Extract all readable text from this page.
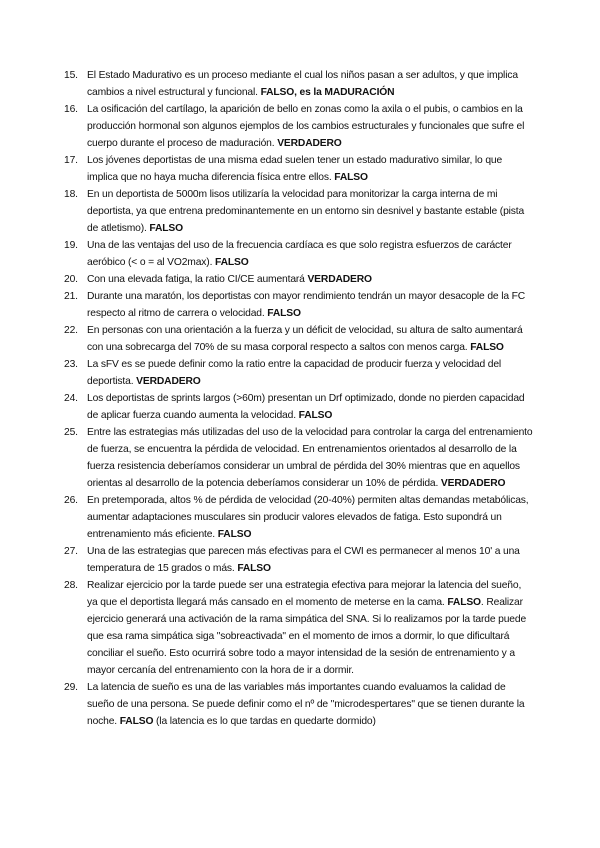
15. El Estado Madurativo es un proceso mediante el cual los niños pasan a ser adultos, y que implica cambios a nivel estructural y funcional. FALSO, es la MADURACIÓN
16. La osificación del cartílago, la aparición de bello en zonas como la axila o el pubis, o cambios en la producción hormonal son algunos ejemplos de los cambios estructurales y funcionales que sufre el cuerpo durante el proceso de maduración. VERDADERO
17. Los jóvenes deportistas de una misma edad suelen tener un estado madurativo similar, lo que implica que no haya mucha diferencia física entre ellos. FALSO
18. En un deportista de 5000m lisos utilizaría la velocidad para monitorizar la carga interna de mi deportista, ya que entrena predominantemente en un entorno sin desnivel y bastante estable (pista de atletismo). FALSO
19. Una de las ventajas del uso de la frecuencia cardíaca es que solo registra esfuerzos de carácter aeróbico (< o = al VO2max). FALSO
20. Con una elevada fatiga, la ratio CI/CE aumentará VERDADERO
21. Durante una maratón, los deportistas con mayor rendimiento tendrán un mayor desacople de la FC respecto al ritmo de carrera o velocidad. FALSO
22. En personas con una orientación a la fuerza y un déficit de velocidad, su altura de salto aumentará con una sobrecarga del 70% de su masa corporal respecto a saltos con menos carga. FALSO
23. La sFV es se puede definir como la ratio entre la capacidad de producir fuerza y velocidad del deportista. VERDADERO
24. Los deportistas de sprints largos (>60m) presentan un Drf optimizado, donde no pierden capacidad de aplicar fuerza cuando aumenta la velocidad. FALSO
25. Entre las estrategias más utilizadas del uso de la velocidad para controlar la carga del entrenamiento de fuerza, se encuentra la pérdida de velocidad. En entrenamientos orientados al desarrollo de la fuerza resistencia deberíamos considerar un umbral de pérdida del 30% mientras que en aquellos orientas al desarrollo de la potencia deberíamos considerar un 10% de pérdida. VERDADERO
26. En pretemporada, altos % de pérdida de velocidad (20-40%) permiten altas demandas metabólicas, aumentar adaptaciones musculares sin producir valores elevados de fatiga. Esto supondrá un entrenamiento más eficiente. FALSO
27. Una de las estrategias que parecen más efectivas para el CWI es permanecer al menos 10' a una temperatura de 15 grados o más. FALSO
28. Realizar ejercicio por la tarde puede ser una estrategia efectiva para mejorar la latencia del sueño, ya que el deportista llegará más cansado en el momento de meterse en la cama. FALSO. Realizar ejercicio generará una activación de la rama simpática del SNA. Si lo realizamos por la tarde puede que esa rama simpática siga "sobreactivada" en el momento de irnos a dormir, lo que dificultará conciliar el sueño. Esto ocurrirá sobre todo a mayor intensidad de la sesión de entrenamiento y a mayor cercanía del entrenamiento con la hora de ir a dormir.
29. La latencia de sueño es una de las variables más importantes cuando evaluamos la calidad de sueño de una persona. Se puede definir como el nº de "microdespertares" que se tienen durante la noche. FALSO (la latencia es lo que tardas en quedarte dormido)
